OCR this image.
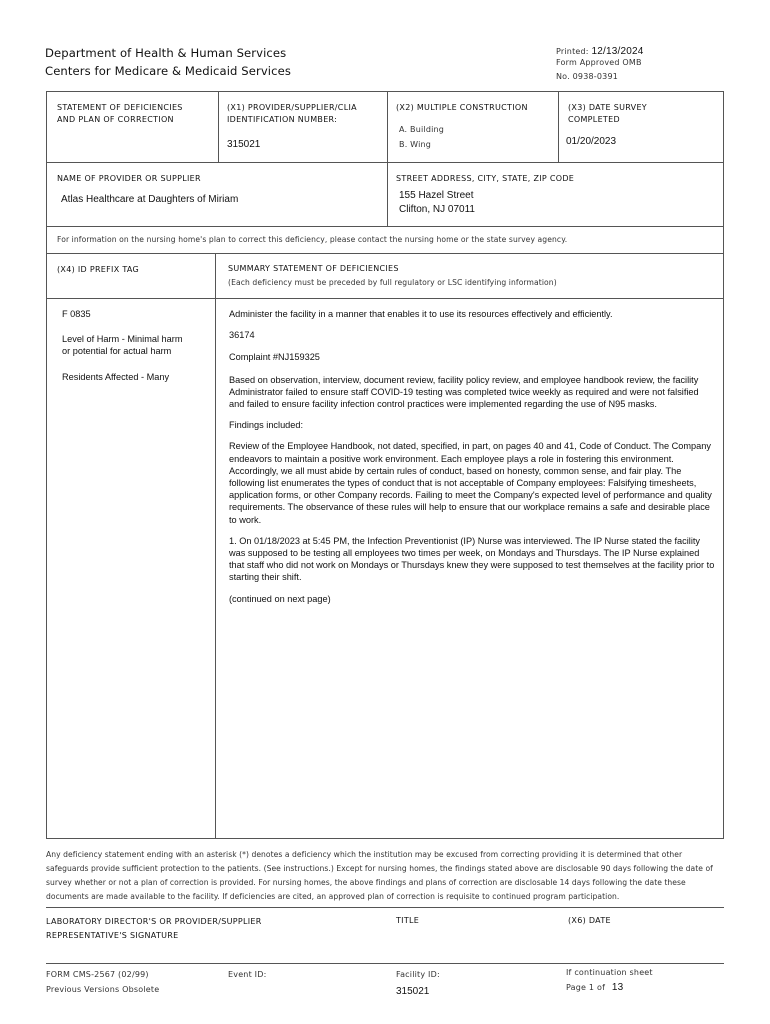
Department of Health & Human Services
Centers for Medicare & Medicaid Services
Printed: 12/13/2024
Form Approved OMB
No. 0938-0391
STATEMENT OF DEFICIENCIES
AND PLAN OF CORRECTION
(X1) PROVIDER/SUPPLIER/CLIA
IDENTIFICATION NUMBER:
315021
(X2) MULTIPLE CONSTRUCTION
A. Building
B. Wing
(X3) DATE SURVEY
COMPLETED
01/20/2023
NAME OF PROVIDER OR SUPPLIER
Atlas Healthcare at Daughters of Miriam
STREET ADDRESS, CITY, STATE, ZIP CODE
155 Hazel Street
Clifton, NJ 07011
For information on the nursing home's plan to correct this deficiency, please contact the nursing home or the state survey agency.
(X4) ID PREFIX TAG	SUMMARY STATEMENT OF DEFICIENCIES
(Each deficiency must be preceded by full regulatory or LSC identifying information)
F 0835
Level of Harm - Minimal harm
or potential for actual harm
Residents Affected - Many

Administer the facility in a manner that enables it to use its resources effectively and efficiently.

36174

Complaint #NJ159325

Based on observation, interview, document review, facility policy review, and employee handbook review, the facility Administrator failed to ensure staff COVID-19 testing was completed twice weekly as required and were not falsified and failed to ensure facility infection control practices were implemented regarding the use of N95 masks.

Findings included:

Review of the Employee Handbook, not dated, specified, in part, on pages 40 and 41, Code of Conduct. The Company endeavors to maintain a positive work environment. Each employee plays a role in fostering this environment. Accordingly, we all must abide by certain rules of conduct, based on honesty, common sense, and fair play. The following list enumerates the types of conduct that is not acceptable of Company employees: Falsifying timesheets, application forms, or other Company records. Failing to meet the Company's expected level of performance and quality requirements. The observance of these rules will help to ensure that our workplace remains a safe and desirable place to work.

1. On 01/18/2023 at 5:45 PM, the Infection Preventionist (IP) Nurse was interviewed. The IP Nurse stated the facility was supposed to be testing all employees two times per week, on Mondays and Thursdays. The IP Nurse explained that staff who did not work on Mondays or Thursdays knew they were supposed to test themselves at the facility prior to starting their shift.

(continued on next page)

Any deficiency statement ending with an asterisk (*) denotes a deficiency which the institution may be excused from correcting providing it is determined that other safeguards provide sufficient protection to the patients. (See instructions.) Except for nursing homes, the findings stated above are disclosable 90 days following the date of survey whether or not a plan of correction is provided. For nursing homes, the above findings and plans of correction are disclosable 14 days following the date these documents are made available to the facility. If deficiencies are cited, an approved plan of correction is requisite to continued program participation.
LABORATORY DIRECTOR'S OR PROVIDER/SUPPLIER
REPRESENTATIVE'S SIGNATURE
TITLE	(X6) DATE
FORM CMS-2567 (02/99)
Previous Versions Obsolete
Event ID:	Facility ID:
315021
If continuation sheet
Page 1 of 13
